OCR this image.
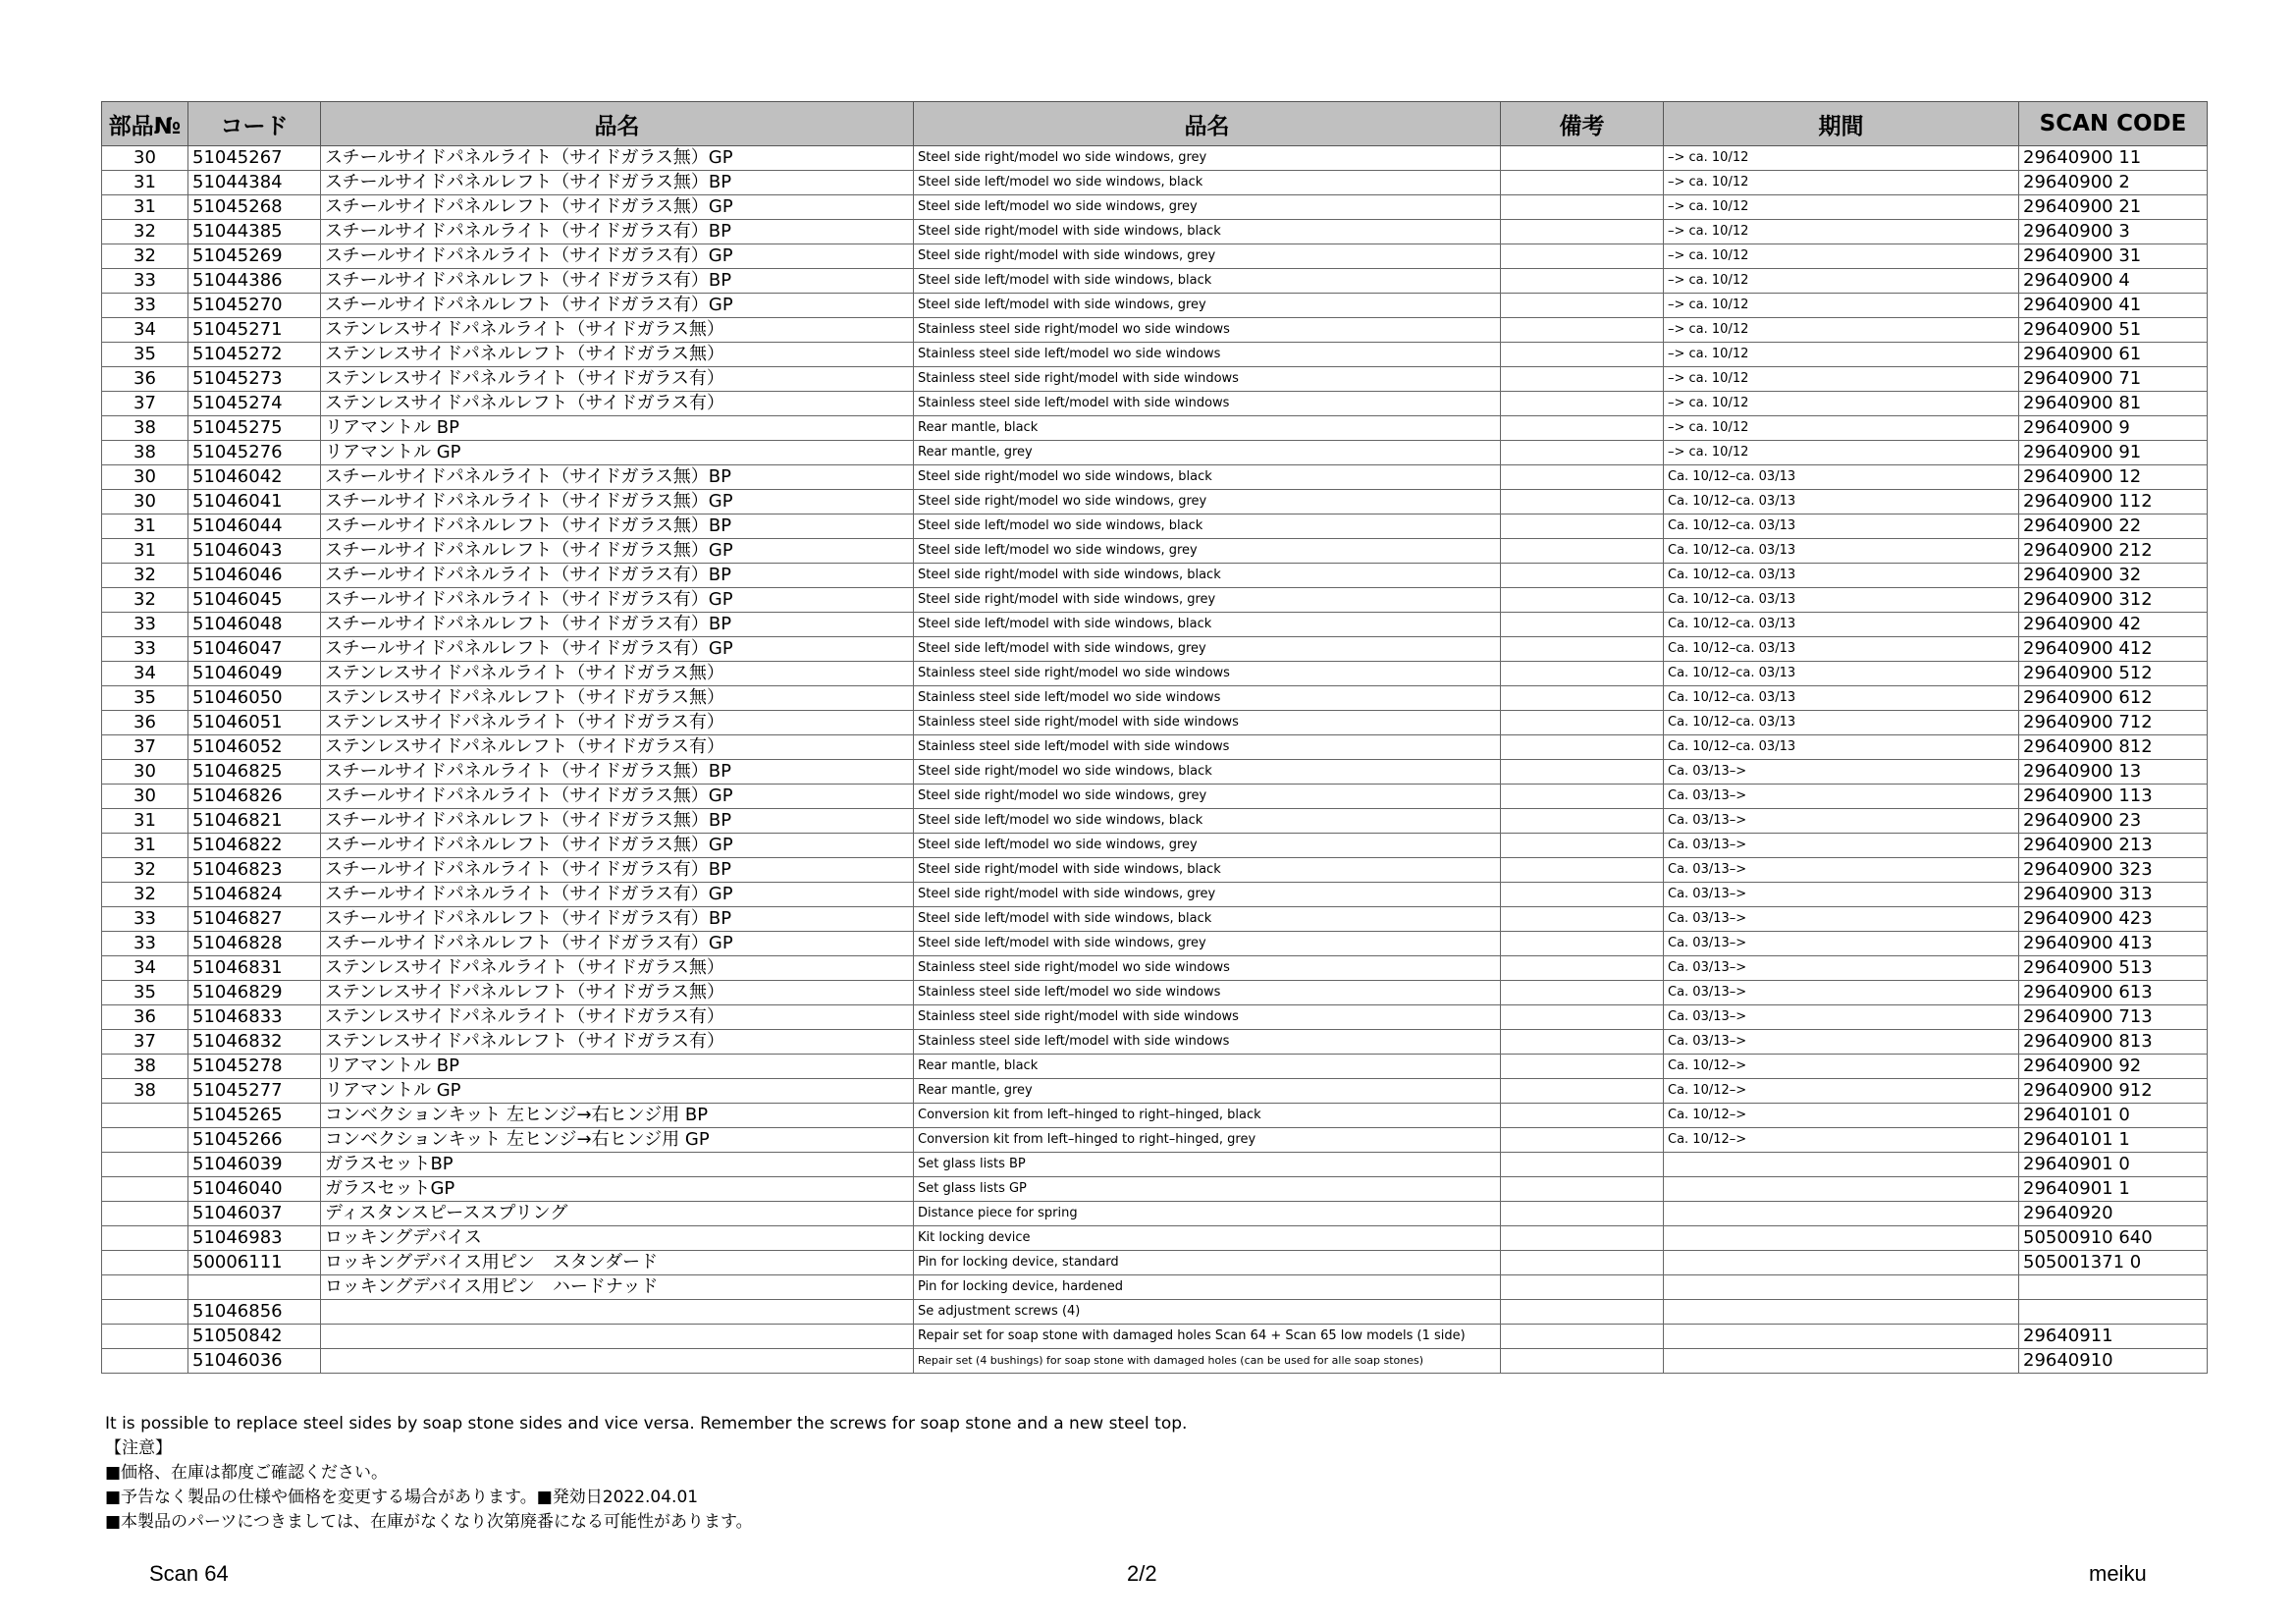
部品№	コード	品名	品名	備考	期間	SCAN CODE
30	51045267	スチールサイドパネルライト（サイドガラス無）GP	Steel side right/model wo side windows, grey		–> ca. 10/12	29640900 11
31	51044384	スチールサイドパネルレフト（サイドガラス無）BP	Steel side left/model wo side windows, black		–> ca. 10/12	29640900 2
31	51045268	スチールサイドパネルレフト（サイドガラス無）GP	Steel side left/model wo side windows, grey		–> ca. 10/12	29640900 21
32	51044385	スチールサイドパネルライト（サイドガラス有）BP	Steel side right/model with side windows, black		–> ca. 10/12	29640900 3
32	51045269	スチールサイドパネルライト（サイドガラス有）GP	Steel side right/model with side windows, grey		–> ca. 10/12	29640900 31
33	51044386	スチールサイドパネルレフト（サイドガラス有）BP	Steel side left/model with side windows, black		–> ca. 10/12	29640900 4
33	51045270	スチールサイドパネルレフト（サイドガラス有）GP	Steel side left/model with side windows, grey		–> ca. 10/12	29640900 41
34	51045271	ステンレスサイドパネルライト（サイドガラス無）	Stainless steel side right/model wo side windows		–> ca. 10/12	29640900 51
35	51045272	ステンレスサイドパネルレフト（サイドガラス無）	Stainless steel side left/model wo side windows		–> ca. 10/12	29640900 61
36	51045273	ステンレスサイドパネルライト（サイドガラス有）	Stainless steel side right/model with side windows		–> ca. 10/12	29640900 71
37	51045274	ステンレスサイドパネルレフト（サイドガラス有）	Stainless steel side left/model with side windows		–> ca. 10/12	29640900 81
38	51045275	リアマントル BP	Rear mantle, black		–> ca. 10/12	29640900 9
38	51045276	リアマントル GP	Rear mantle, grey		–> ca. 10/12	29640900 91
30	51046042	スチールサイドパネルライト（サイドガラス無）BP	Steel side right/model wo side windows, black		Ca. 10/12–ca. 03/13	29640900 12
30	51046041	スチールサイドパネルライト（サイドガラス無）GP	Steel side right/model wo side windows, grey		Ca. 10/12–ca. 03/13	29640900 112
31	51046044	スチールサイドパネルレフト（サイドガラス無）BP	Steel side left/model wo side windows, black		Ca. 10/12–ca. 03/13	29640900 22
31	51046043	スチールサイドパネルレフト（サイドガラス無）GP	Steel side left/model wo side windows, grey		Ca. 10/12–ca. 03/13	29640900 212
32	51046046	スチールサイドパネルライト（サイドガラス有）BP	Steel side right/model with side windows, black		Ca. 10/12–ca. 03/13	29640900 32
32	51046045	スチールサイドパネルライト（サイドガラス有）GP	Steel side right/model with side windows, grey		Ca. 10/12–ca. 03/13	29640900 312
33	51046048	スチールサイドパネルレフト（サイドガラス有）BP	Steel side left/model with side windows, black		Ca. 10/12–ca. 03/13	29640900 42
33	51046047	スチールサイドパネルレフト（サイドガラス有）GP	Steel side left/model with side windows, grey		Ca. 10/12–ca. 03/13	29640900 412
34	51046049	ステンレスサイドパネルライト（サイドガラス無）	Stainless steel side right/model wo side windows		Ca. 10/12–ca. 03/13	29640900 512
35	51046050	ステンレスサイドパネルレフト（サイドガラス無）	Stainless steel side left/model wo side windows		Ca. 10/12–ca. 03/13	29640900 612
36	51046051	ステンレスサイドパネルライト（サイドガラス有）	Stainless steel side right/model with side windows		Ca. 10/12–ca. 03/13	29640900 712
37	51046052	ステンレスサイドパネルレフト（サイドガラス有）	Stainless steel side left/model with side windows		Ca. 10/12–ca. 03/13	29640900 812
30	51046825	スチールサイドパネルライト（サイドガラス無）BP	Steel side right/model wo side windows, black		Ca. 03/13–>	29640900 13
30	51046826	スチールサイドパネルライト（サイドガラス無）GP	Steel side right/model wo side windows, grey		Ca. 03/13–>	29640900 113
31	51046821	スチールサイドパネルレフト（サイドガラス無）BP	Steel side left/model wo side windows, black		Ca. 03/13–>	29640900 23
31	51046822	スチールサイドパネルレフト（サイドガラス無）GP	Steel side left/model wo side windows, grey		Ca. 03/13–>	29640900 213
32	51046823	スチールサイドパネルライト（サイドガラス有）BP	Steel side right/model with side windows, black		Ca. 03/13–>	29640900 323
32	51046824	スチールサイドパネルライト（サイドガラス有）GP	Steel side right/model with side windows, grey		Ca. 03/13–>	29640900 313
33	51046827	スチールサイドパネルレフト（サイドガラス有）BP	Steel side left/model with side windows, black		Ca. 03/13–>	29640900 423
33	51046828	スチールサイドパネルレフト（サイドガラス有）GP	Steel side left/model with side windows, grey		Ca. 03/13–>	29640900 413
34	51046831	ステンレスサイドパネルライト（サイドガラス無）	Stainless steel side right/model wo side windows		Ca. 03/13–>	29640900 513
35	51046829	ステンレスサイドパネルレフト（サイドガラス無）	Stainless steel side left/model wo side windows		Ca. 03/13–>	29640900 613
36	51046833	ステンレスサイドパネルライト（サイドガラス有）	Stainless steel side right/model with side windows		Ca. 03/13–>	29640900 713
37	51046832	ステンレスサイドパネルレフト（サイドガラス有）	Stainless steel side left/model with side windows		Ca. 03/13–>	29640900 813
38	51045278	リアマントル BP	Rear mantle, black		Ca. 10/12–>	29640900 92
38	51045277	リアマントル GP	Rear mantle, grey		Ca. 10/12–>	29640900 912
	51045265	コンベクションキット 左ヒンジ→右ヒンジ用 BP	Conversion kit from left–hinged to right–hinged, black		Ca. 10/12–>	29640101 0
	51045266	コンベクションキット 左ヒンジ→右ヒンジ用 GP	Conversion kit from left–hinged to right–hinged, grey		Ca. 10/12–>	29640101 1
	51046039	ガラスセットBP	Set glass lists BP			29640901 0
	51046040	ガラスセットGP	Set glass lists GP			29640901 1
	51046037	ディスタンスピーススプリング	Distance piece for spring			29640920
	51046983	ロッキングデバイス	Kit locking device			50500910 640
	50006111	ロッキングデバイス用ピン　スタンダード	Pin for locking device, standard			505001371 0
		ロッキングデバイス用ピン　ハードナッド	Pin for locking device, hardened			
	51046856		Se adjustment screws (4)			
	51050842		Repair set for soap stone with damaged holes Scan 64 + Scan 65 low models (1 side)			29640911
	51046036		Repair set (4 bushings) for soap stone with damaged holes (can be used for alle soap stones)			29640910
It is possible to replace steel sides by soap stone sides and vice versa. Remember the screws for soap stone and a new steel top.
【注意】
■価格、在庫は都度ご確認ください。
■予告なく製品の仕様や価格を変更する場合があります。■発効日2022.04.01
■本製品のパーツにつきましては、在庫がなくなり次第廃番になる可能性があります。
Scan 64	2/2	meiku
